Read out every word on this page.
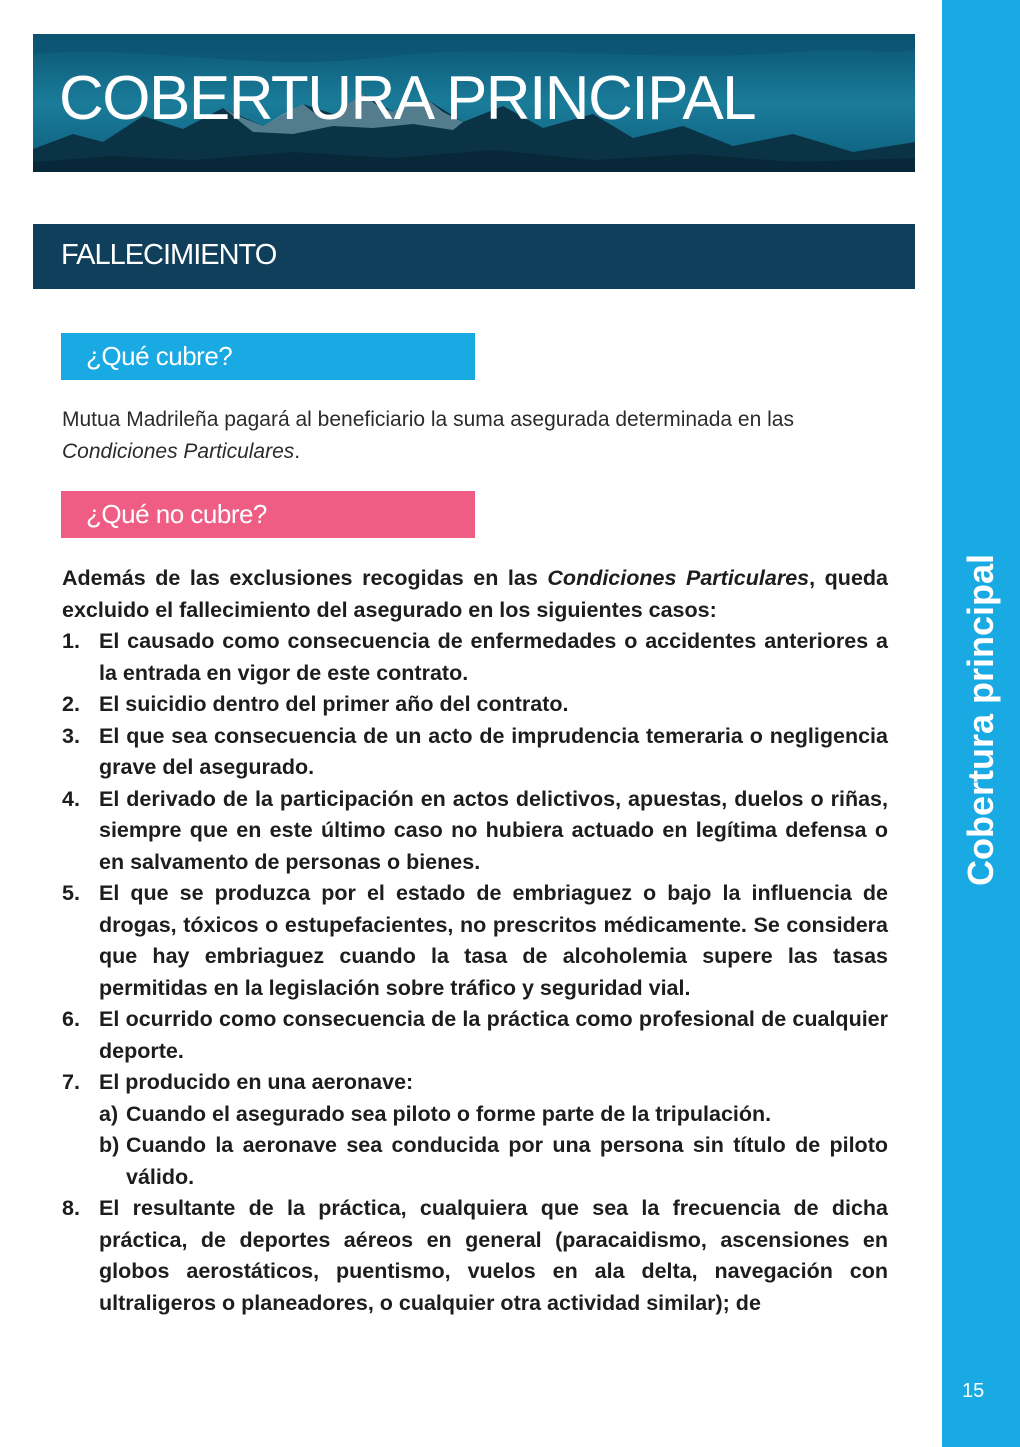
COBERTURA PRINCIPAL
FALLECIMIENTO
¿Qué cubre?

Mutua Madrileña pagará al beneficiario la suma asegurada determinada en las Condiciones Particulares.

¿Qué no cubre?

Además de las exclusiones recogidas en las Condiciones Particulares, queda excluido el fallecimiento del asegurado en los siguientes casos:

1. El causado como consecuencia de enfermedades o accidentes anteriores a la entrada en vigor de este contrato.
2. El suicidio dentro del primer año del contrato.
3. El que sea consecuencia de un acto de imprudencia temeraria o negligencia grave del asegurado.
4. El derivado de la participación en actos delictivos, apuestas, duelos o riñas, siempre que en este último caso no hubiera actuado en legítima defensa o en salvamento de personas o bienes.
5. El que se produzca por el estado de embriaguez o bajo la influencia de drogas, tóxicos o estupefacientes, no prescritos médicamente. Se considera que hay embriaguez cuando la tasa de alcoholemia supere las tasas permitidas en la legislación sobre tráfico y seguridad vial.
6. El ocurrido como consecuencia de la práctica como profesional de cualquier deporte.
7. El producido en una aeronave:
a) Cuando el asegurado sea piloto o forme parte de la tripulación.
b) Cuando la aeronave sea conducida por una persona sin título de piloto válido.
8. El resultante de la práctica, cualquiera que sea la frecuencia de dicha práctica, de deportes aéreos en general (paracaidismo, ascensiones en globos aerostáticos, puentismo, vuelos en ala delta, navegación con ultraligeros o planeadores, o cualquier otra actividad similar); de
Cobertura principal
15
